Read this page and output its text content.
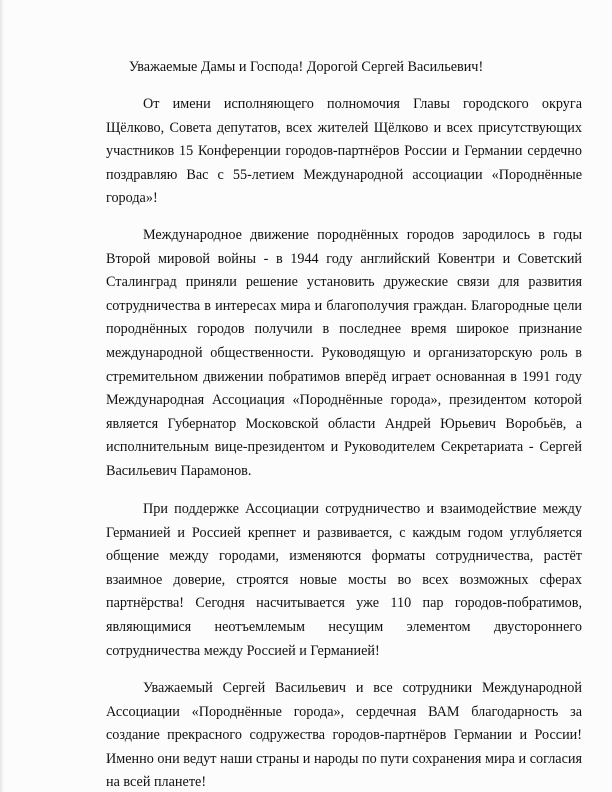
Уважаемые Дамы и Господа! Дорогой Сергей Васильевич!

От имени исполняющего полномочия Главы городского округа Щёлково, Совета депутатов, всех жителей Щёлково и всех присутствующих участников 15 Конференции городов-партнёров России и Германии сердечно поздравляю Вас с 55-летием Международной ассоциации «Породнённые города»!

Международное движение породнённых городов зародилось в годы Второй мировой войны - в 1944 году английский Ковентри и Советский Сталинград приняли решение установить дружеские связи для развития сотрудничества в интересах мира и благополучия граждан. Благородные цели породнённых городов получили в последнее время широкое признание международной общественности. Руководящую и организаторскую роль в стремительном движении побратимов вперёд играет основанная в 1991 году Международная Ассоциация «Породнённые города», президентом которой является Губернатор Московской области Андрей Юрьевич Воробьёв, а исполнительным вице-президентом и Руководителем Секретариата - Сергей Васильевич Парамонов.

При поддержке Ассоциации сотрудничество и взаимодействие между Германией и Россией крепнет и развивается, с каждым годом углубляется общение между городами, изменяются форматы сотрудничества, растёт взаимное доверие, строятся новые мосты во всех возможных сферах партнёрства! Сегодня насчитывается уже 110 пар городов-побратимов, являющимися неотъемлемым несущим элементом двустороннего сотрудничества между Россией и Германией!

Уважаемый Сергей Васильевич и все сотрудники Международной Ассоциации «Породнённые города», сердечная ВАМ благодарность за создание прекрасного содружества городов-партнёров Германии и России! Именно они ведут наши страны и народы по пути сохранения мира и согласия на всей планете!
